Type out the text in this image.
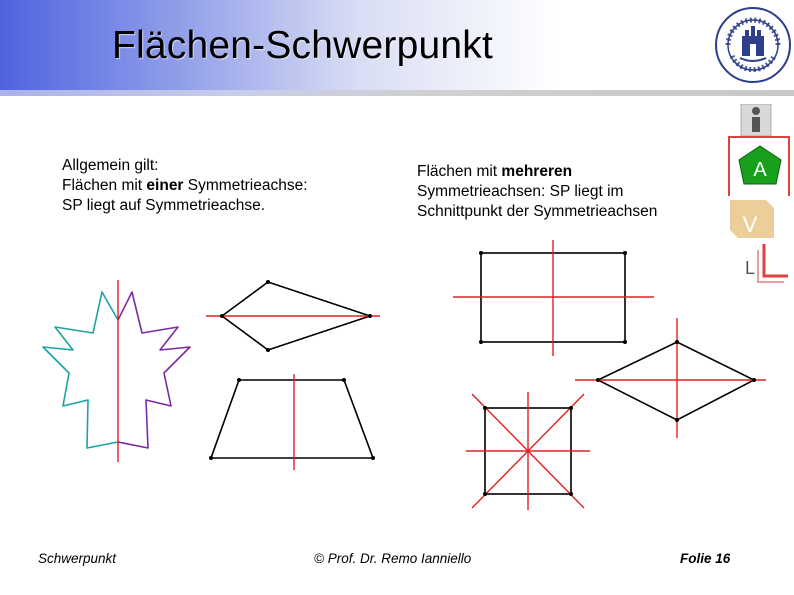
Flächen-Schwerpunkt
A
V
L
Allgemein gilt:
Flächen mit einer Symmetrieachse:
SP liegt auf Symmetrieachse.
Flächen mit mehreren
Symmetrieachsen: SP liegt im
Schnittpunkt der Symmetrieachsen
Schwerpunkt	© Prof. Dr. Remo Ianniello	Folie 16
